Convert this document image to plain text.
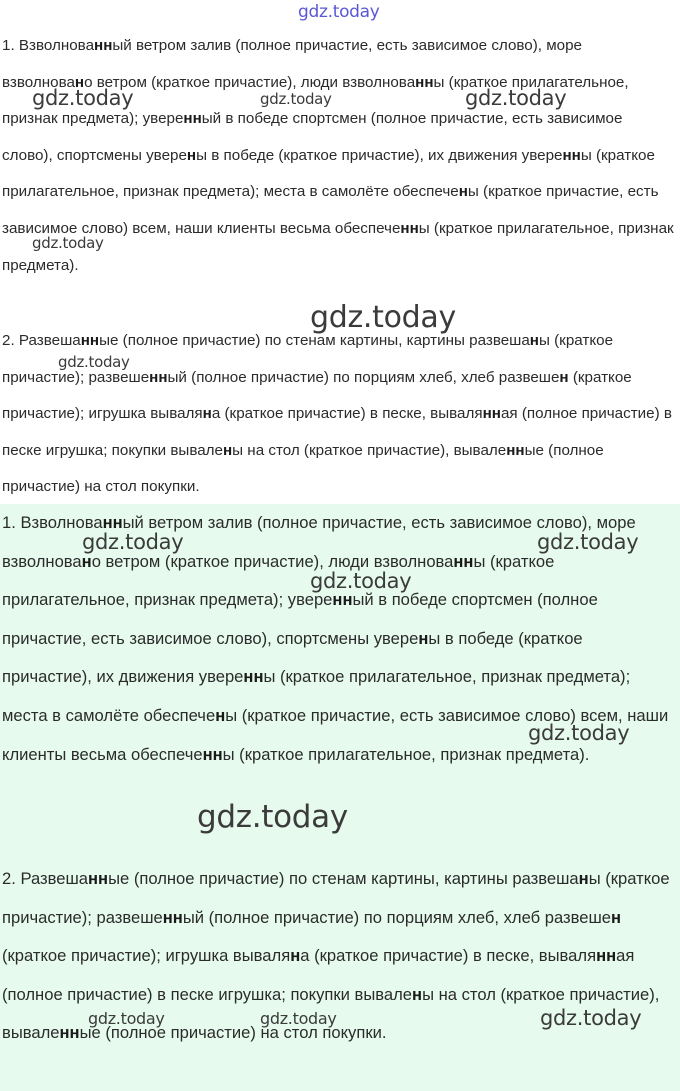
1. Взволнованный ветром залив (полное причастие, есть зависимое слово), море взволновано ветром (краткое причастие), люди взволнованны (краткое прилагательное, признак предмета); уверенный в победе спортсмен (полное причастие, есть зависимое слово), спортсмены уверены в победе (краткое причастие), их движения уверенны (краткое прилагательное, признак предмета); места в самолёте обеспечены (краткое причастие, есть зависимое слово) всем, наши клиенты весьма обеспеченны (краткое прилагательное, признак предмета).

2. Развешанные (полное причастие) по стенам картины, картины развешаны (краткое причастие); развешенный (полное причастие) по порциям хлеб, хлеб развешен (краткое причастие); игрушка вываляна (краткое причастие) в песке, вывалянная (полное причастие) в песке игрушка; покупки вывалены на стол (краткое причастие), вываленные (полное причастие) на стол покупки.

1. Взволнованный ветром залив (полное причастие, есть зависимое слово), море взволновано ветром (краткое причастие), люди взволнованны (краткое прилагательное, признак предмета); уверенный в победе спортсмен (полное причастие, есть зависимое слово), спортсмены уверены в победе (краткое причастие), их движения уверенны (краткое прилагательное, признак предмета); места в самолёте обеспечены (краткое причастие, есть зависимое слово) всем, наши клиенты весьма обеспеченны (краткое прилагательное, признак предмета).

2. Развешанные (полное причастие) по стенам картины, картины развешаны (краткое причастие); развешенный (полное причастие) по порциям хлеб, хлеб развешен (краткое причастие); игрушка вываляна (краткое причастие) в песке, вывалянная (полное причастие) в песке игрушка; покупки вывалены на стол (краткое причастие), вываленные (полное причастие) на стол покупки.

gdz.today
gdz.today	gdz.today	gdz.today
gdz.today
gdz.today
gdz.today
gdz.today	gdz.today
gdz.today
gdz.today
gdz.today
gdz.today	gdz.today	gdz.today
